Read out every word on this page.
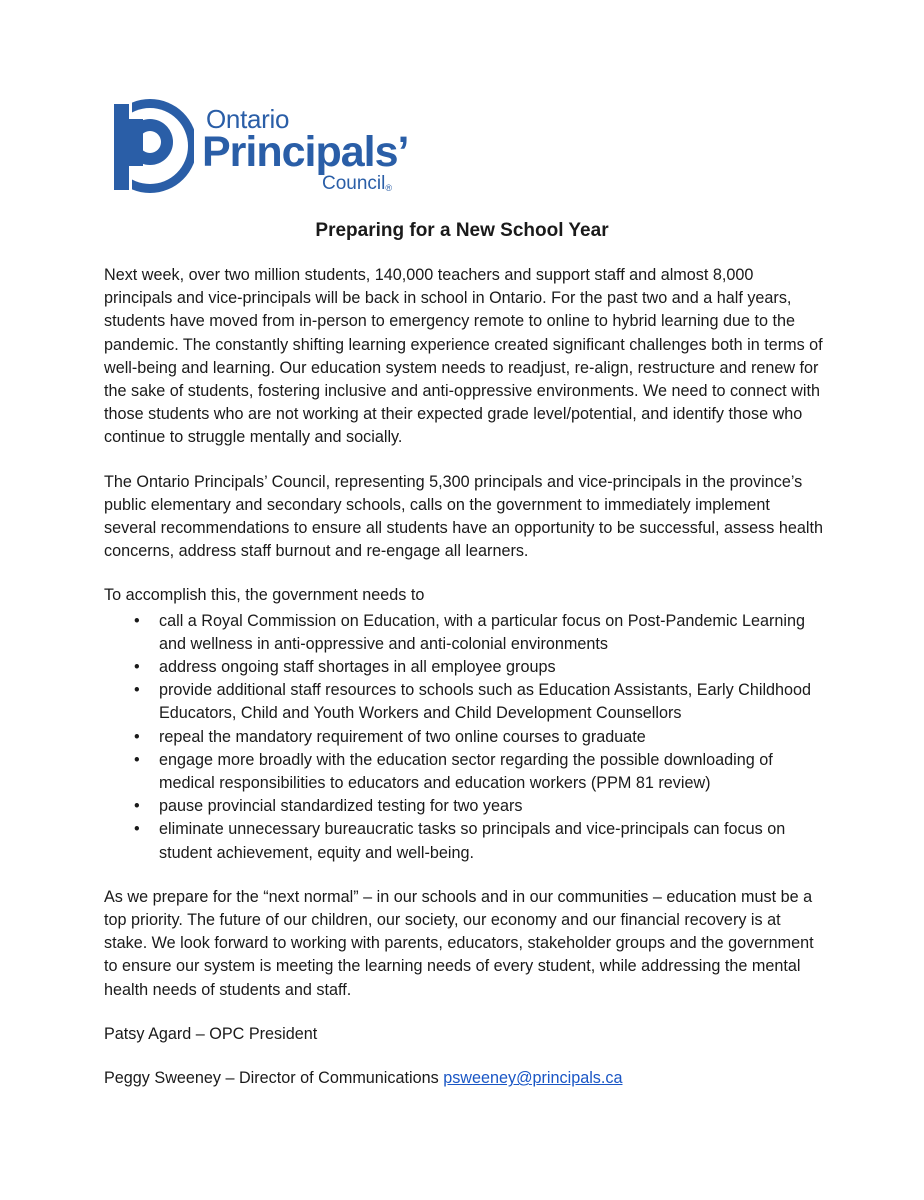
Ontario
Principals’
Council®
Preparing for a New School Year

Next week, over two million students, 140,000 teachers and support staff and almost 8,000 principals and vice-principals will be back in school in Ontario. For the past two and a half years, students have moved from in-person to emergency remote to online to hybrid learning due to the pandemic. The constantly shifting learning experience created significant challenges both in terms of well-being and learning. Our education system needs to readjust, re-align, restructure and renew for the sake of students, fostering inclusive and anti-oppressive environments. We need to connect with those students who are not working at their expected grade level/potential, and identify those who continue to struggle mentally and socially.

The Ontario Principals’ Council, representing 5,300 principals and vice-principals in the province’s public elementary and secondary schools, calls on the government to immediately implement several recommendations to ensure all students have an opportunity to be successful, assess health concerns, address staff burnout and re-engage all learners.

To accomplish this, the government needs to

• call a Royal Commission on Education, with a particular focus on Post-Pandemic Learning and wellness in anti-oppressive and anti-colonial environments
• address ongoing staff shortages in all employee groups
• provide additional staff resources to schools such as Education Assistants, Early Childhood Educators, Child and Youth Workers and Child Development Counsellors
• repeal the mandatory requirement of two online courses to graduate
• engage more broadly with the education sector regarding the possible downloading of medical responsibilities to educators and education workers (PPM 81 review)
• pause provincial standardized testing for two years
• eliminate unnecessary bureaucratic tasks so principals and vice-principals can focus on student achievement, equity and well-being.

As we prepare for the “next normal” – in our schools and in our communities – education must be a top priority. The future of our children, our society, our economy and our financial recovery is at stake. We look forward to working with parents, educators, stakeholder groups and the government to ensure our system is meeting the learning needs of every student, while addressing the mental health needs of students and staff.

Patsy Agard – OPC President

Peggy Sweeney – Director of Communications psweeney@principals.ca
